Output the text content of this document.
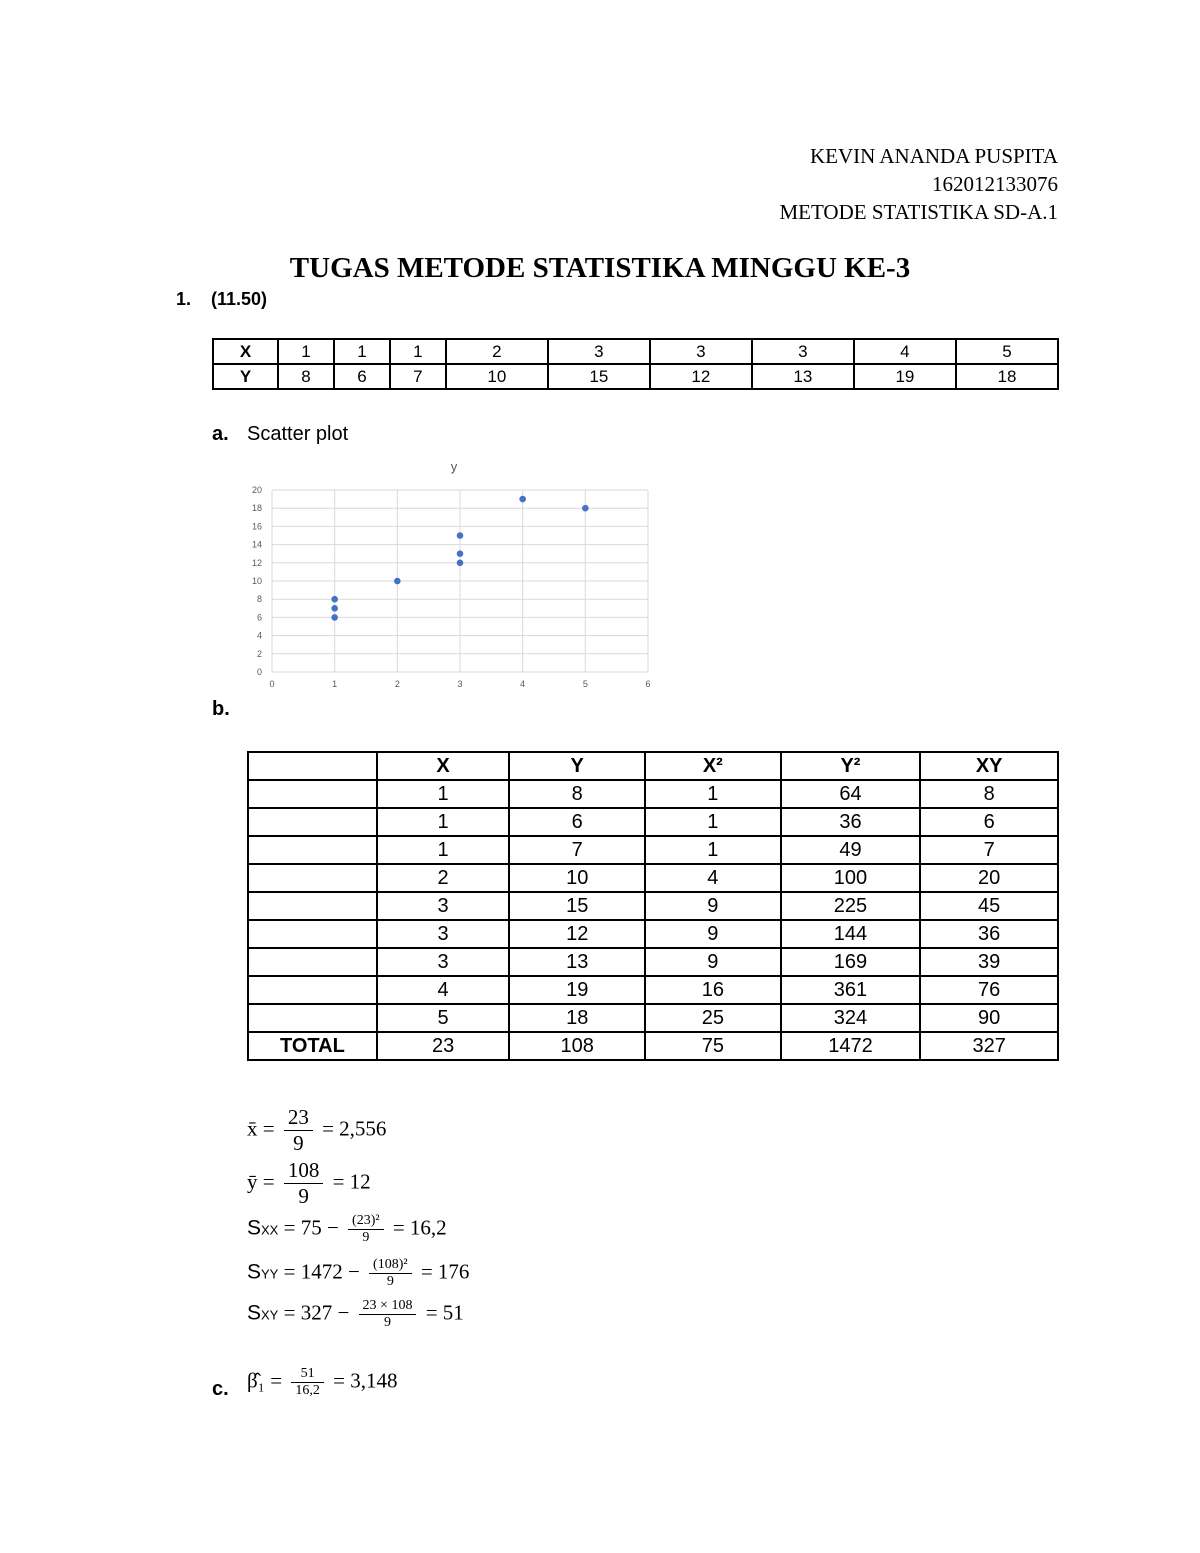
KEVIN ANANDA PUSPITA
162012133076
METODE STATISTIKA SD-A.1
TUGAS METODE STATISTIKA MINGGU KE-3
1. (11.50)
X	1	1	1	2	3	3	3	4	5
Y	8	6	7	10	15	12	13	19	18
a. Scatter plot
0
2
4
6
8
10
12
14
16
18
20
0	1	2	3	4	5	6
y
b.
	X	Y	X²	Y²	XY
	1	8	1	64	8
	1	6	1	36	6
	1	7	1	49	7
	2	10	4	100	20
	3	15	9	225	45
	3	12	9	144	36
	3	13	9	169	39
	4	19	16	361	76
	5	18	25	324	90
TOTAL	23	108	75	1472	327
x̄ = $\frac{23}{9} = 2,556$
ȳ = $\frac{108}{9} = 12$
SXX = $75 - \frac{\text{(23)²}}{9} = 16,2$
SYY = $1472 - \frac{\text{(108)²}}{9} = 176$
SXY = $327 - \frac{23 \times 108}{9} = 51$
c. β̂₁ = $\frac{51}{16,2} = 3,148$
